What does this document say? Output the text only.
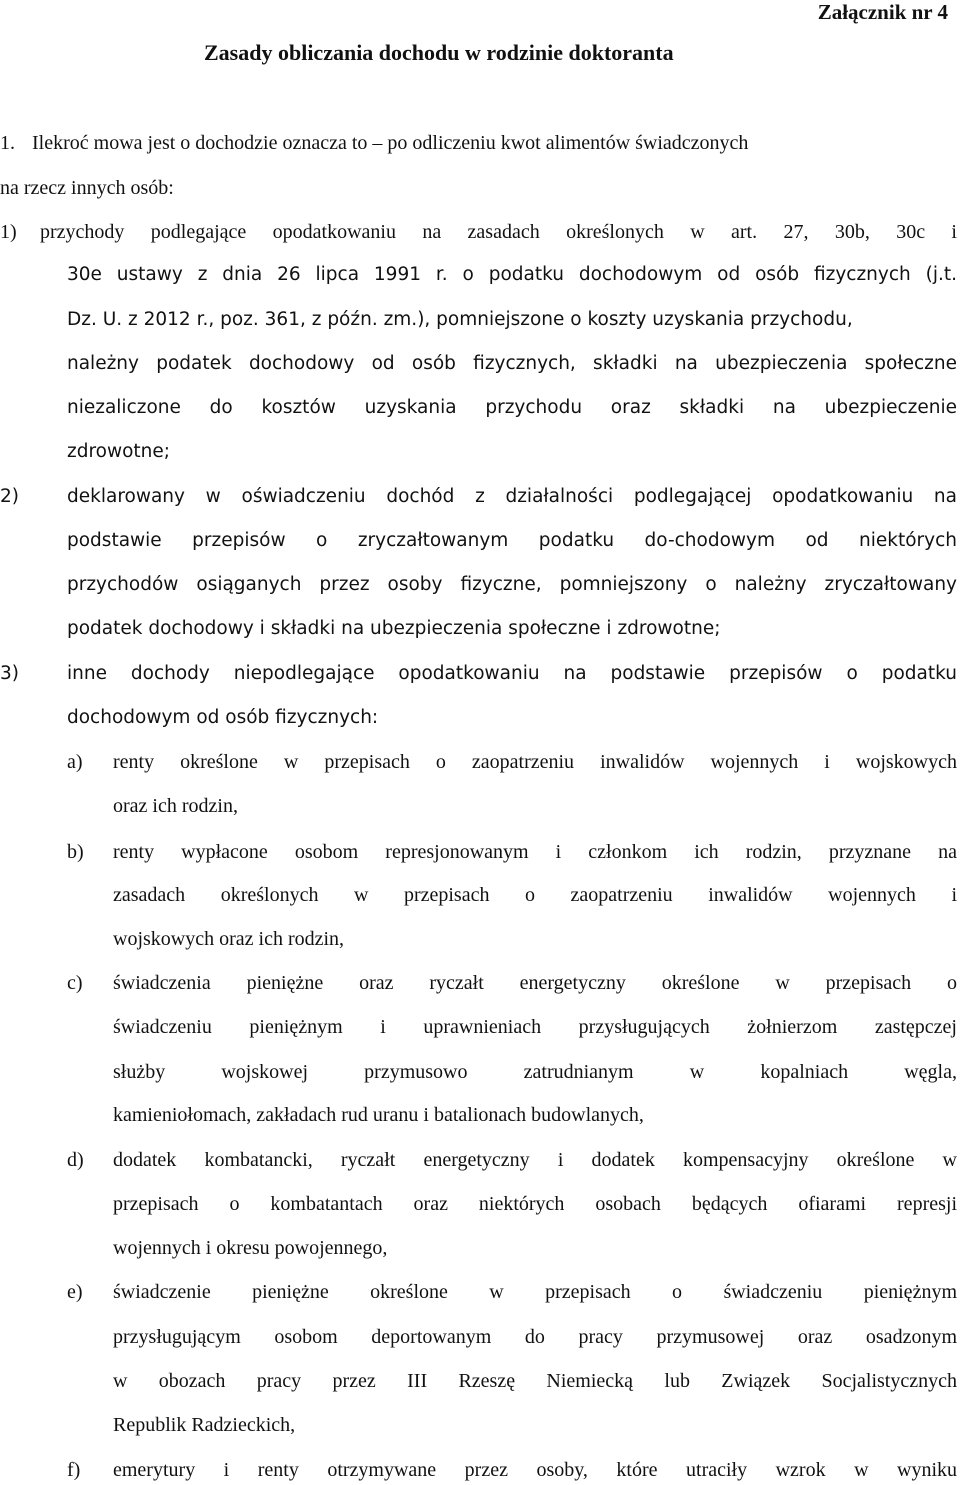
Załącznik nr 4
Zasady obliczania dochodu w rodzinie doktoranta
1. Ilekroć mowa jest o dochodzie oznacza to – po odliczeniu kwot alimentów świadczonych
na rzecz innych osób:
1) przychody podlegające opodatkowaniu na zasadach określonych w art. 27, 30b, 30c i
30e ustawy z dnia 26 lipca 1991 r. o podatku dochodowym od osób fizycznych (j.t.
Dz. U. z 2012 r., poz. 361, z późn. zm.), pomniejszone o koszty uzyskania przychodu,
należny podatek dochodowy od osób fizycznych, składki na ubezpieczenia społeczne
niezaliczone do kosztów uzyskania przychodu oraz składki na ubezpieczenie
zdrowotne;
2)	deklarowany w oświadczeniu dochód z działalności podlegającej opodatkowaniu na
podstawie przepisów o zryczałtowanym podatku do-chodowym od niektórych
przychodów osiąganych przez osoby fizyczne, pomniejszony o należny zryczałtowany
podatek dochodowy i składki na ubezpieczenia społeczne i zdrowotne;
3)	inne dochody niepodlegające opodatkowaniu na podstawie przepisów o podatku
dochodowym od osób fizycznych:
a) renty określone w przepisach o zaopatrzeniu inwalidów wojennych i wojskowych
oraz ich rodzin,
b) renty wypłacone osobom represjonowanym i członkom ich rodzin, przyznane na
zasadach określonych w przepisach o zaopatrzeniu inwalidów wojennych i
wojskowych oraz ich rodzin,
c) świadczenia pieniężne oraz ryczałt energetyczny określone w przepisach o
świadczeniu pieniężnym i uprawnieniach przysługujących żołnierzom zastępczej
służby wojskowej przymusowo zatrudnianym w kopalniach węgla,
kamieniołomach, zakładach rud uranu i batalionach budowlanych,
d) dodatek kombatancki, ryczałt energetyczny i dodatek kompensacyjny określone w
przepisach o kombatantach oraz niektórych osobach będących ofiarami represji
wojennych i okresu powojennego,
e) świadczenie pieniężne określone w przepisach o świadczeniu pieniężnym
przysługującym osobom deportowanym do pracy przymusowej oraz osadzonym
w obozach pracy przez III Rzeszę Niemiecką lub Związek Socjalistycznych
Republik Radzieckich,
f) emerytury i renty otrzymywane przez osoby, które utraciły wzrok w wyniku
